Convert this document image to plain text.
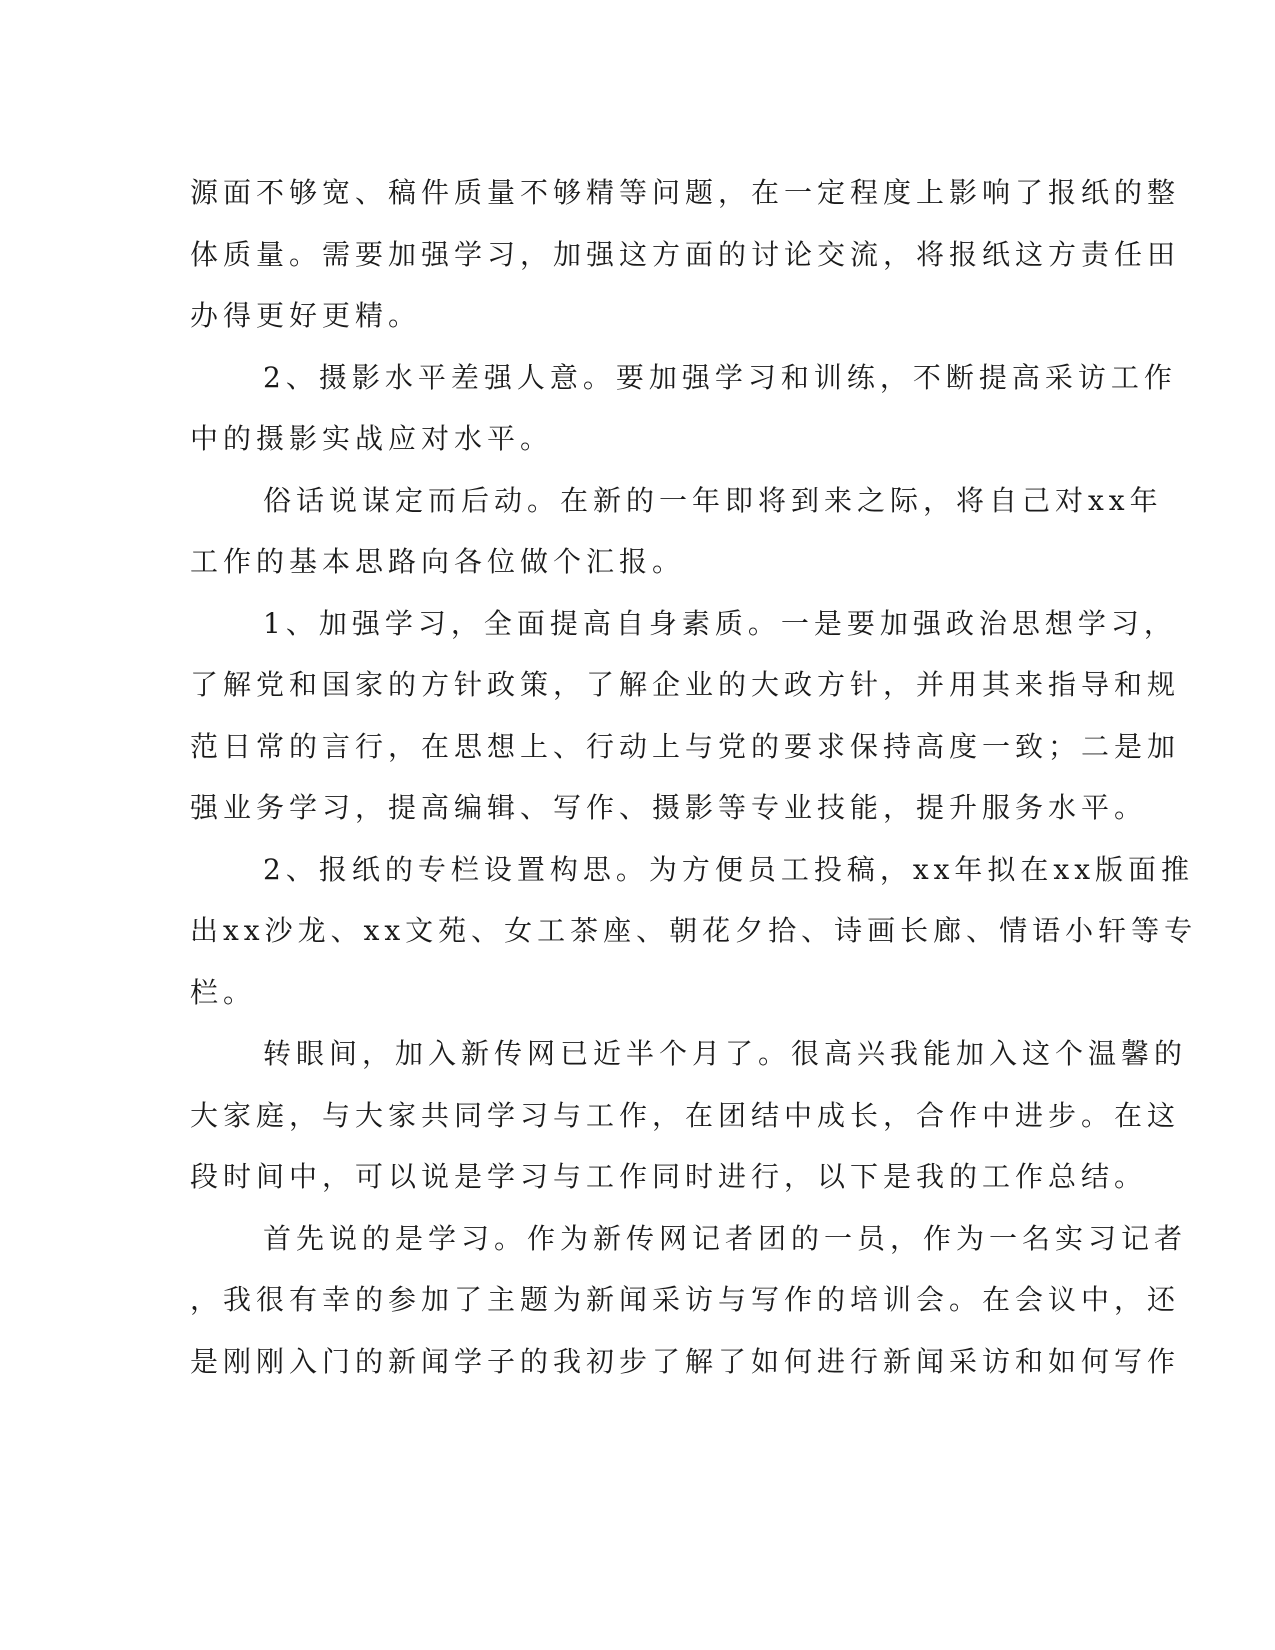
源面不够宽、稿件质量不够精等问题，在一定程度上影响了报纸的整
体质量。需要加强学习，加强这方面的讨论交流，将报纸这方责任田
办得更好更精。
2、摄影水平差强人意。要加强学习和训练，不断提高采访工作
中的摄影实战应对水平。
俗话说谋定而后动。在新的一年即将到来之际，将自己对xx年
工作的基本思路向各位做个汇报。
1、加强学习，全面提高自身素质。一是要加强政治思想学习，
了解党和国家的方针政策，了解企业的大政方针，并用其来指导和规
范日常的言行，在思想上、行动上与党的要求保持高度一致；二是加
强业务学习，提高编辑、写作、摄影等专业技能，提升服务水平。
2、报纸的专栏设置构思。为方便员工投稿，xx年拟在xx版面推
出xx沙龙、xx文苑、女工茶座、朝花夕拾、诗画长廊、情语小轩等专
栏。
转眼间，加入新传网已近半个月了。很高兴我能加入这个温馨的
大家庭，与大家共同学习与工作，在团结中成长，合作中进步。在这
段时间中，可以说是学习与工作同时进行，以下是我的工作总结。
首先说的是学习。作为新传网记者团的一员，作为一名实习记者
，我很有幸的参加了主题为新闻采访与写作的培训会。在会议中，还
是刚刚入门的新闻学子的我初步了解了如何进行新闻采访和如何写作
